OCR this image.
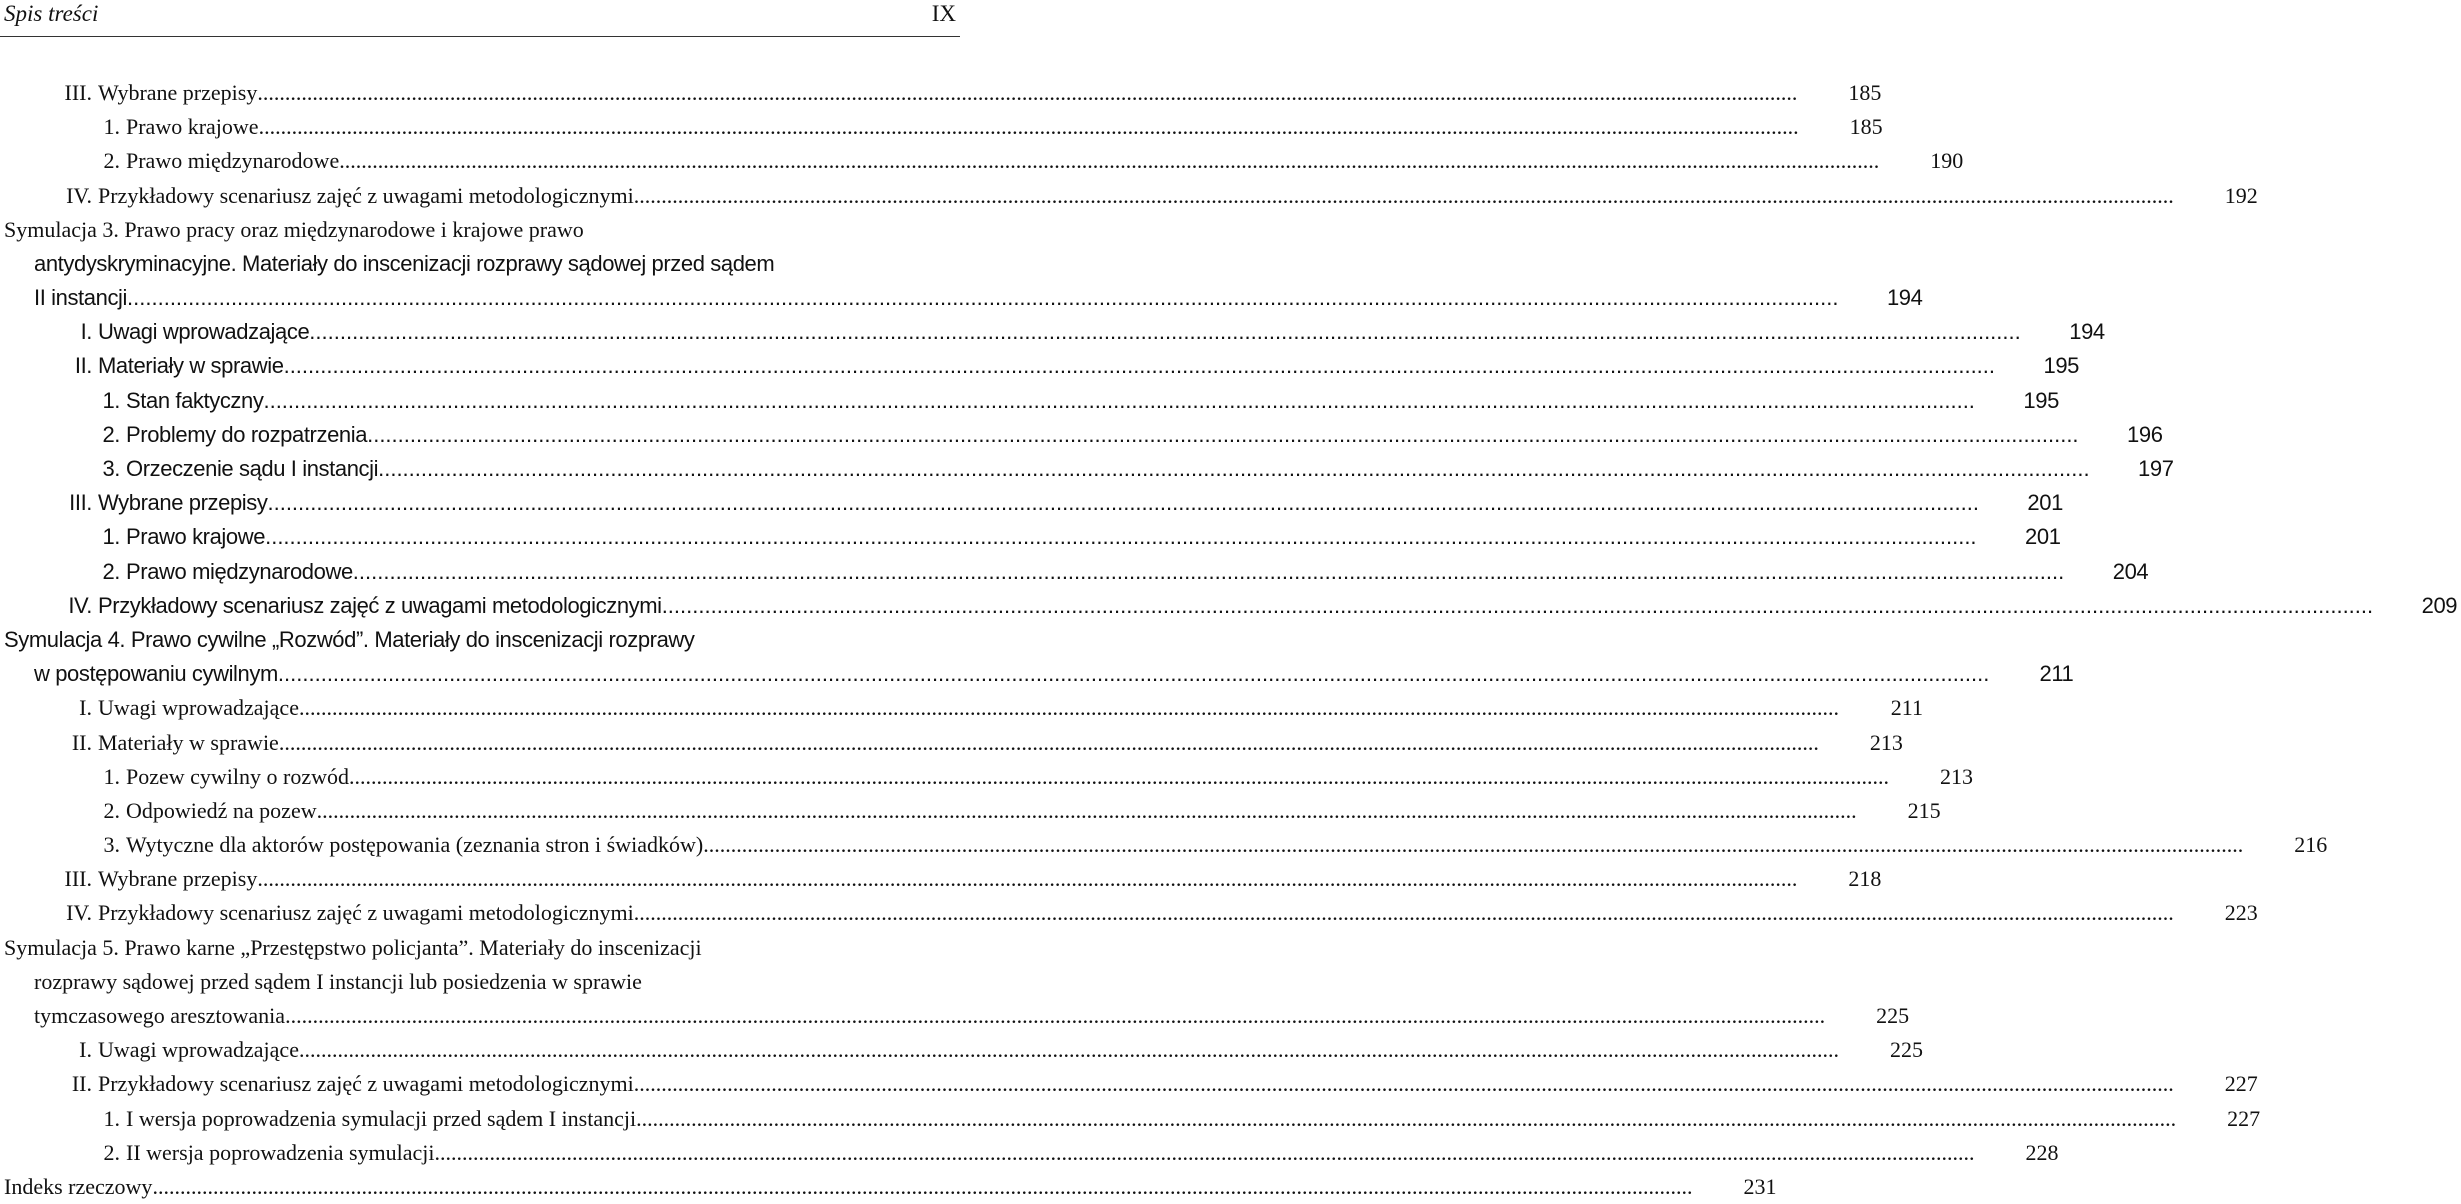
Spis treści	IX
III. Wybrane przepisy .....	185
1. Prawo krajowe .....	185
2. Prawo międzynarodowe .....	190
IV. Przykładowy scenariusz zajęć z uwagami metodologicznymi .....	192
Symulacja 3. Prawo pracy oraz międzynarodowe i krajowe prawo
antydyskryminacyjne. Materiały do inscenizacji rozprawy sądowej przed sądem
II instancji .....	194
I. Uwagi wprowadzające .....	194
II. Materiały w sprawie .....	195
1. Stan faktyczny .....	195
2. Problemy do rozpatrzenia .....	196
3. Orzeczenie sądu I instancji .....	197
III. Wybrane przepisy .....	201
1. Prawo krajowe .....	201
2. Prawo międzynarodowe .....	204
IV. Przykładowy scenariusz zajęć z uwagami metodologicznymi .....	209
Symulacja 4. Prawo cywilne „Rozwód”. Materiały do inscenizacji rozprawy
w postępowaniu cywilnym .....	211
I. Uwagi wprowadzające .....	211
II. Materiały w sprawie .....	213
1. Pozew cywilny o rozwód .....	213
2. Odpowiedź na pozew .....	215
3. Wytyczne dla aktorów postępowania (zeznania stron i świadków) .....	216
III. Wybrane przepisy .....	218
IV. Przykładowy scenariusz zajęć z uwagami metodologicznymi .....	223
Symulacja 5. Prawo karne „Przestępstwo policjanta”. Materiały do inscenizacji
rozprawy sądowej przed sądem I instancji lub posiedzenia w sprawie
tymczasowego aresztowania .....	225
I. Uwagi wprowadzające .....	225
II. Przykładowy scenariusz zajęć z uwagami metodologicznymi .....	227
1. I wersja poprowadzenia symulacji przed sądem I instancji .....	227
2. II wersja poprowadzenia symulacji .....	228
Indeks rzeczowy .....	231
